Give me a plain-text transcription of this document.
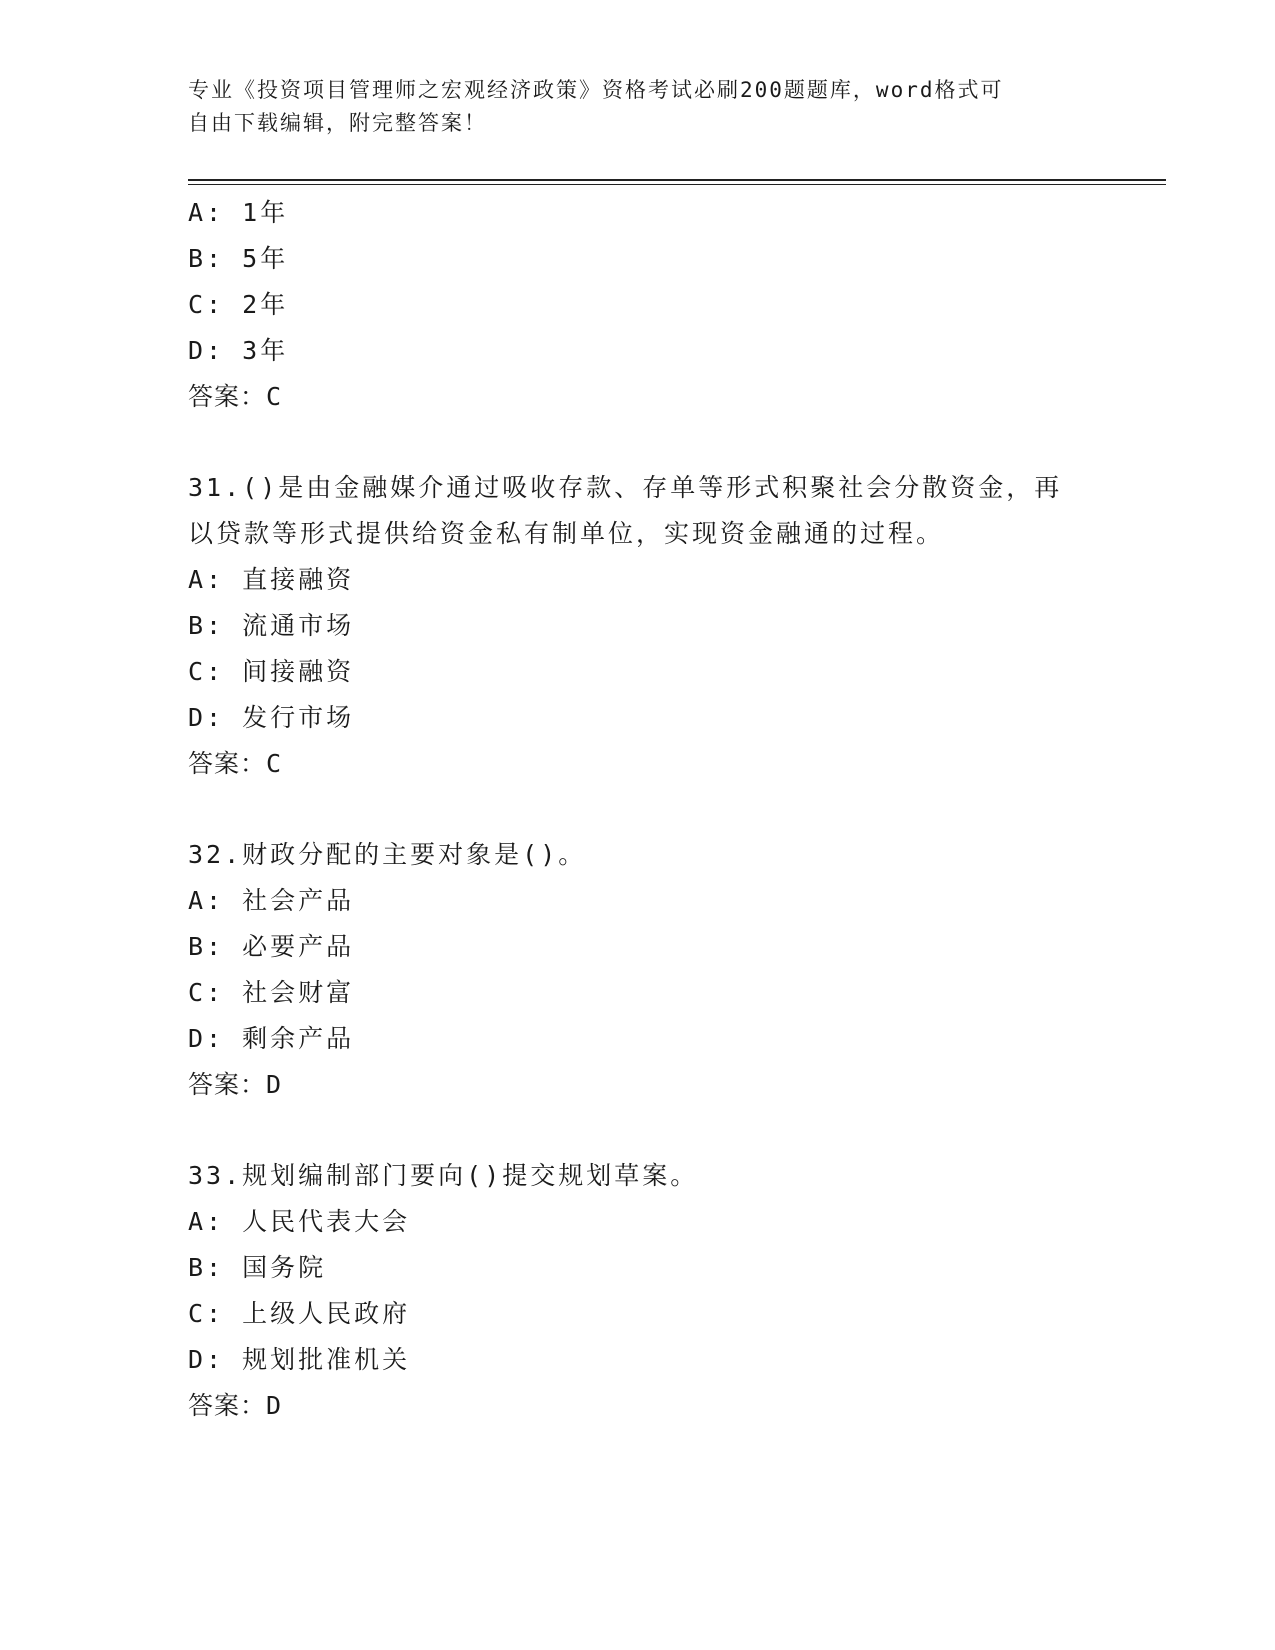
专业《投资项目管理师之宏观经济政策》资格考试必刷200题题库，word格式可
自由下载编辑，附完整答案！
A: 1年
B: 5年
C: 2年
D: 3年
答案：C
31.()是由金融媒介通过吸收存款、存单等形式积聚社会分散资金，再
以贷款等形式提供给资金私有制单位，实现资金融通的过程。
A: 直接融资
B: 流通市场
C: 间接融资
D: 发行市场
答案：C
32.财政分配的主要对象是()。
A: 社会产品
B: 必要产品
C: 社会财富
D: 剩余产品
答案：D
33.规划编制部门要向()提交规划草案。
A: 人民代表大会
B: 国务院
C: 上级人民政府
D: 规划批准机关
答案：D
